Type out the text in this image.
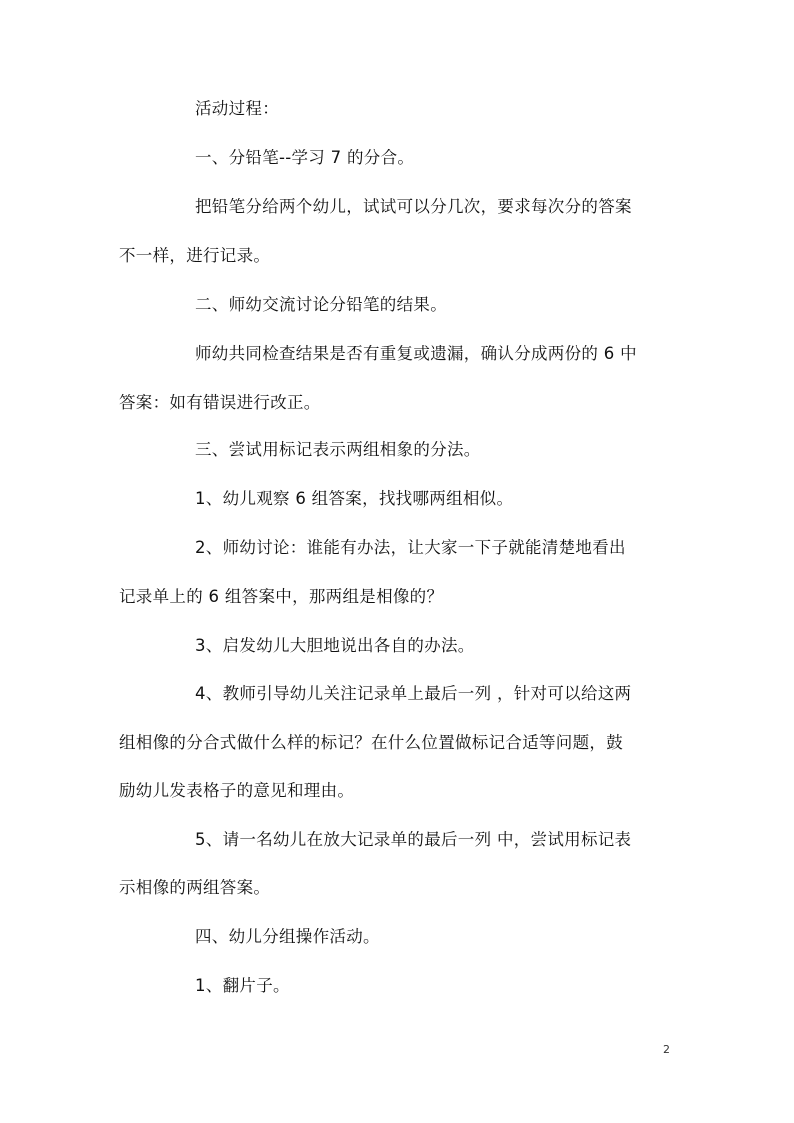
活动过程：
一、分铅笔--学习 7 的分合。
把铅笔分给两个幼儿，试试可以分几次，要求每次分的答案
不一样，进行记录。
二、师幼交流讨论分铅笔的结果。
师幼共同检查结果是否有重复或遗漏，确认分成两份的 6 中
答案：如有错误进行改正。
三、尝试用标记表示两组相象的分法。
1、幼儿观察 6 组答案，找找哪两组相似。
2、师幼讨论：谁能有办法，让大家一下子就能清楚地看出
记录单上的 6 组答案中，那两组是相像的？
3、启发幼儿大胆地说出各自的办法。
4、教师引导幼儿关注记录单上最后一列 ，针对可以给这两
组相像的分合式做什么样的标记？在什么位置做标记合适等问题，鼓
励幼儿发表格子的意见和理由。
5、请一名幼儿在放大记录单的最后一列 中，尝试用标记表
示相像的两组答案。
四、幼儿分组操作活动。
1、翻片子。
2
